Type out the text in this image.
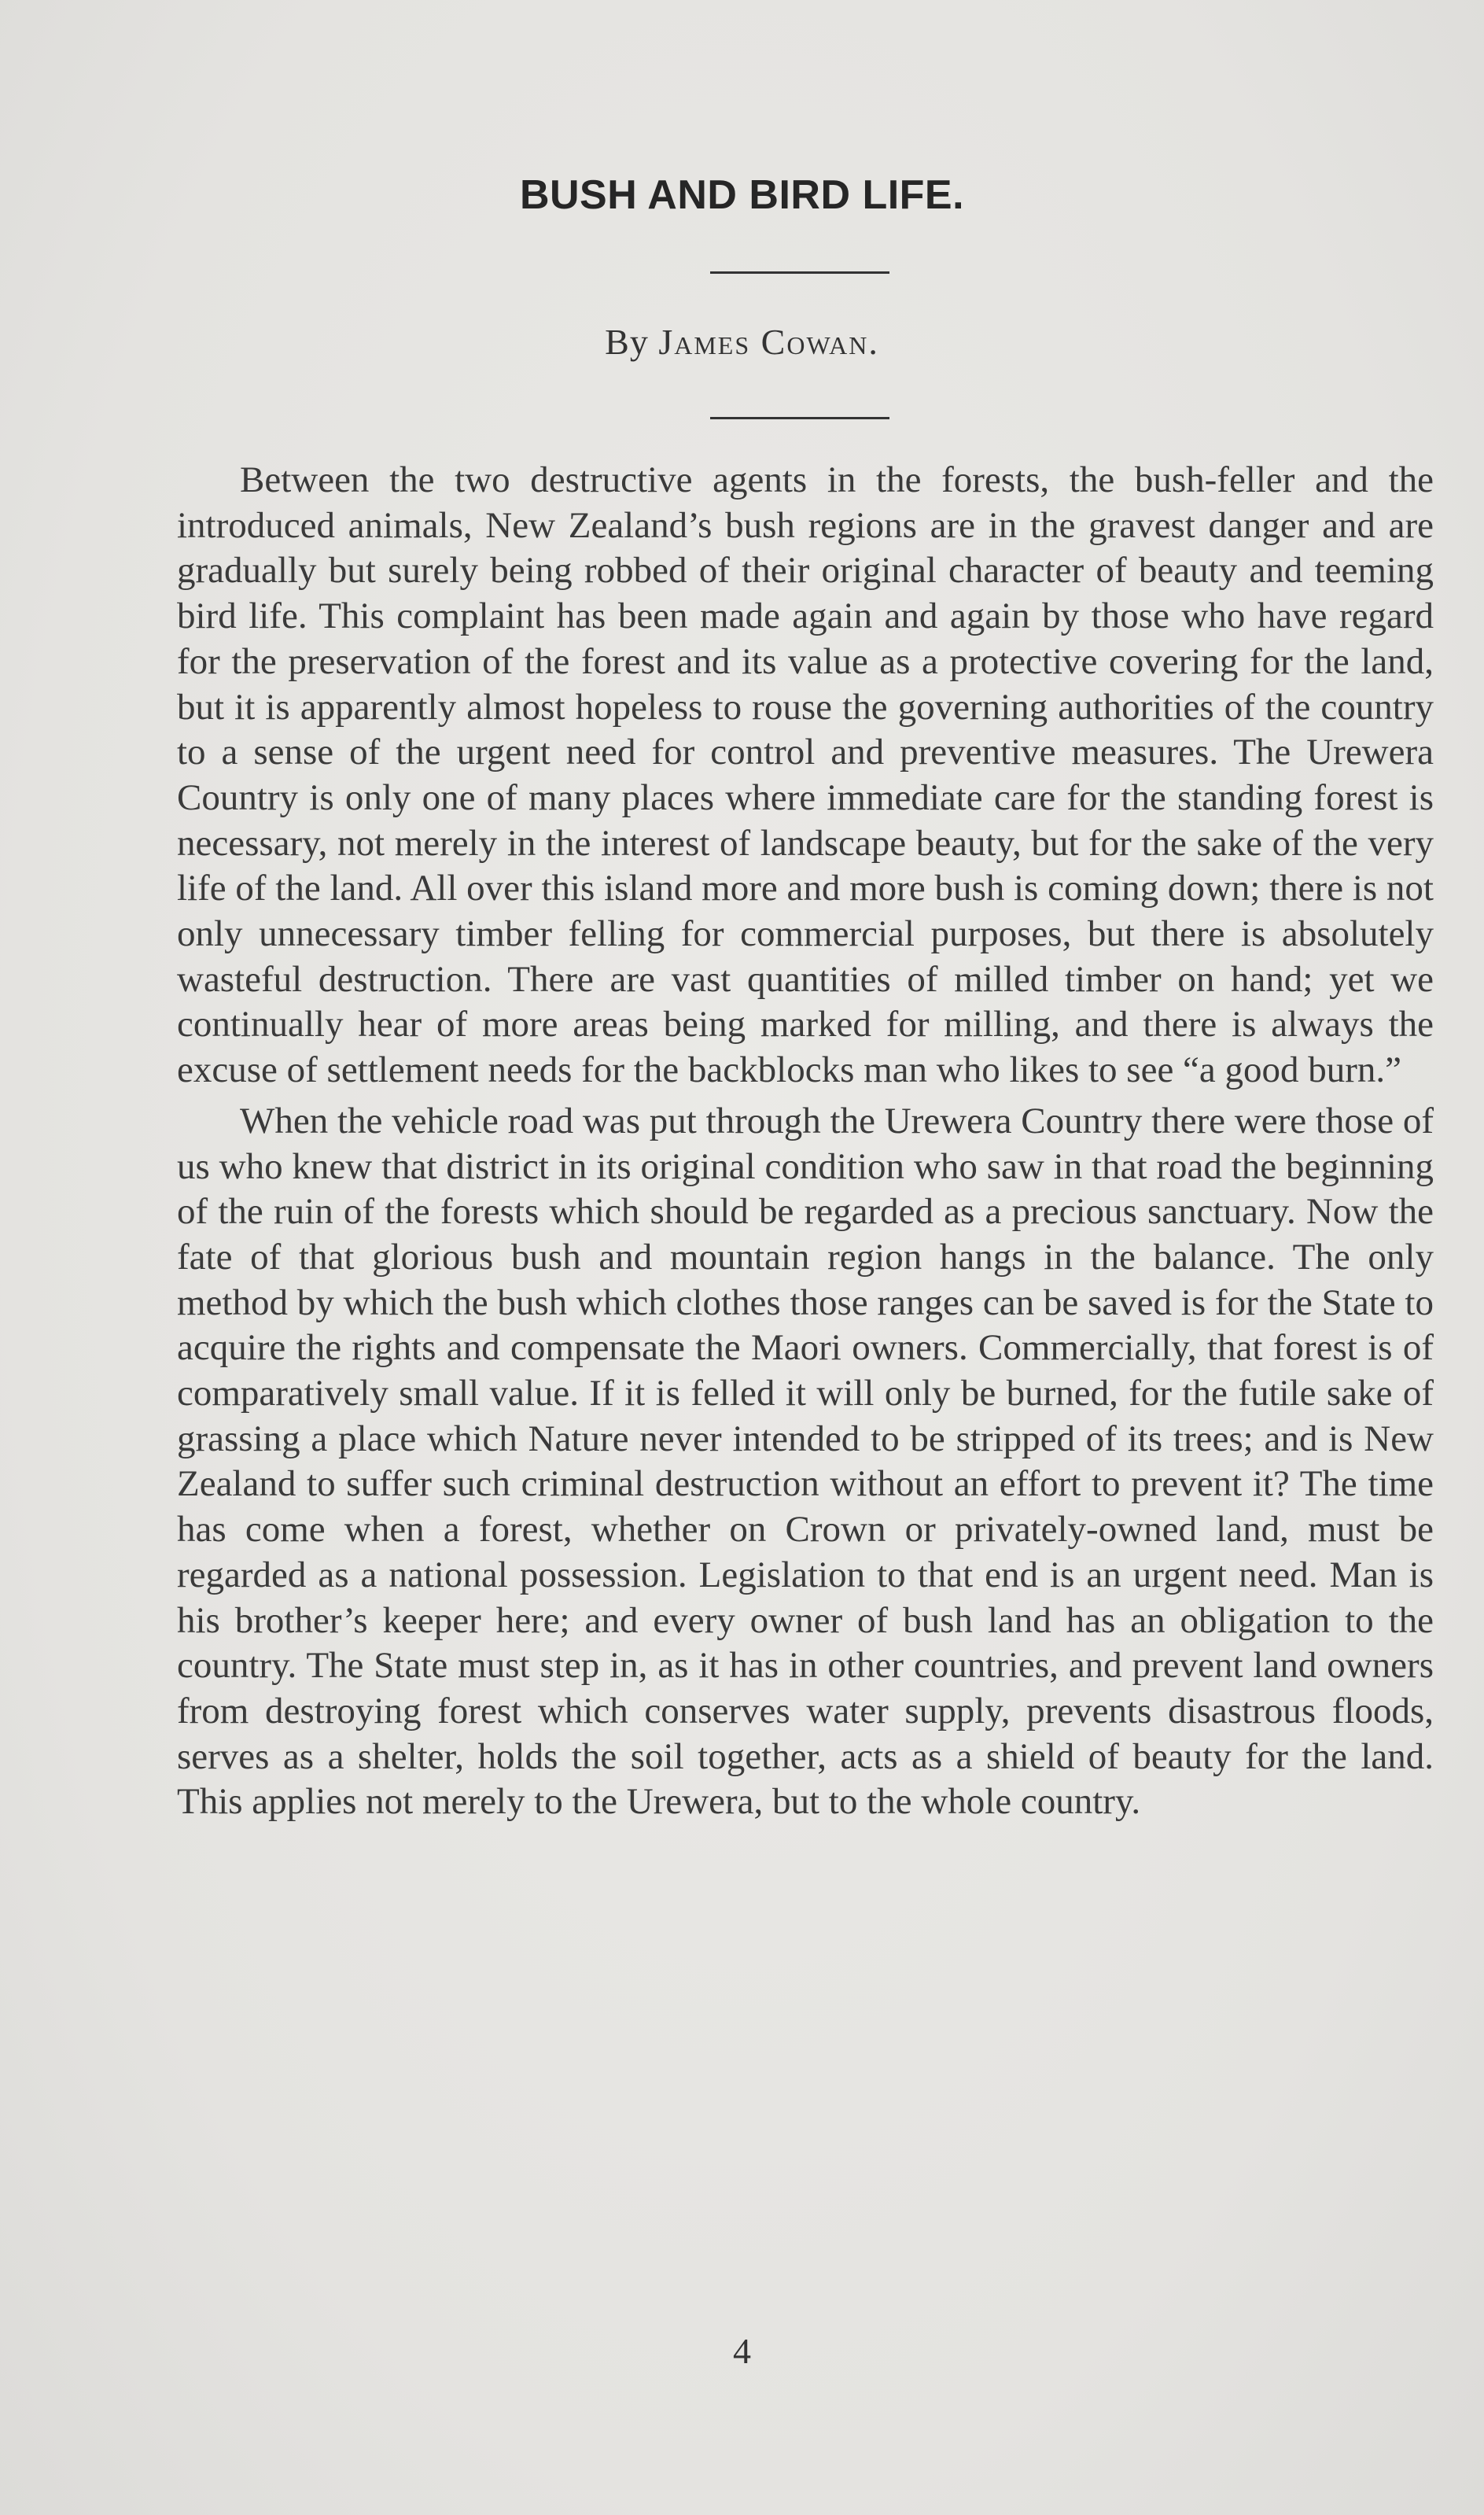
BUSH AND BIRD LIFE.
By James Cowan.

Between the two destructive agents in the forests, the bush-feller and the introduced animals, New Zealand’s bush regions are in the gravest danger and are gradually but surely being robbed of their original character of beauty and teeming bird life. This complaint has been made again and again by those who have regard for the preservation of the forest and its value as a protective covering for the land, but it is apparently almost hopeless to rouse the governing authorities of the country to a sense of the urgent need for control and preventive measures. The Urewera Country is only one of many places where immediate care for the standing forest is necessary, not merely in the interest of landscape beauty, but for the sake of the very life of the land. All over this island more and more bush is coming down; there is not only unnecessary timber felling for commercial purposes, but there is absolutely wasteful destruction. There are vast quantities of milled timber on hand; yet we continually hear of more areas being marked for milling, and there is always the excuse of settlement needs for the backblocks man who likes to see “a good burn.”

When the vehicle road was put through the Urewera Country there were those of us who knew that district in its original condition who saw in that road the beginning of the ruin of the forests which should be regarded as a precious sanctuary. Now the fate of that glorious bush and mountain region hangs in the balance. The only method by which the bush which clothes those ranges can be saved is for the State to acquire the rights and compensate the Maori owners. Commercially, that forest is of comparatively small value. If it is felled it will only be burned, for the futile sake of grassing a place which Nature never intended to be stripped of its trees; and is New Zealand to suffer such criminal destruction without an effort to prevent it? The time has come when a forest, whether on Crown or privately-owned land, must be regarded as a national possession. Legislation to that end is an urgent need. Man is his brother’s keeper here; and every owner of bush land has an obligation to the country. The State must step in, as it has in other countries, and prevent land owners from destroying forest which conserves water supply, prevents disastrous floods, serves as a shelter, holds the soil together, acts as a shield of beauty for the land. This applies not merely to the Urewera, but to the whole country.

4
